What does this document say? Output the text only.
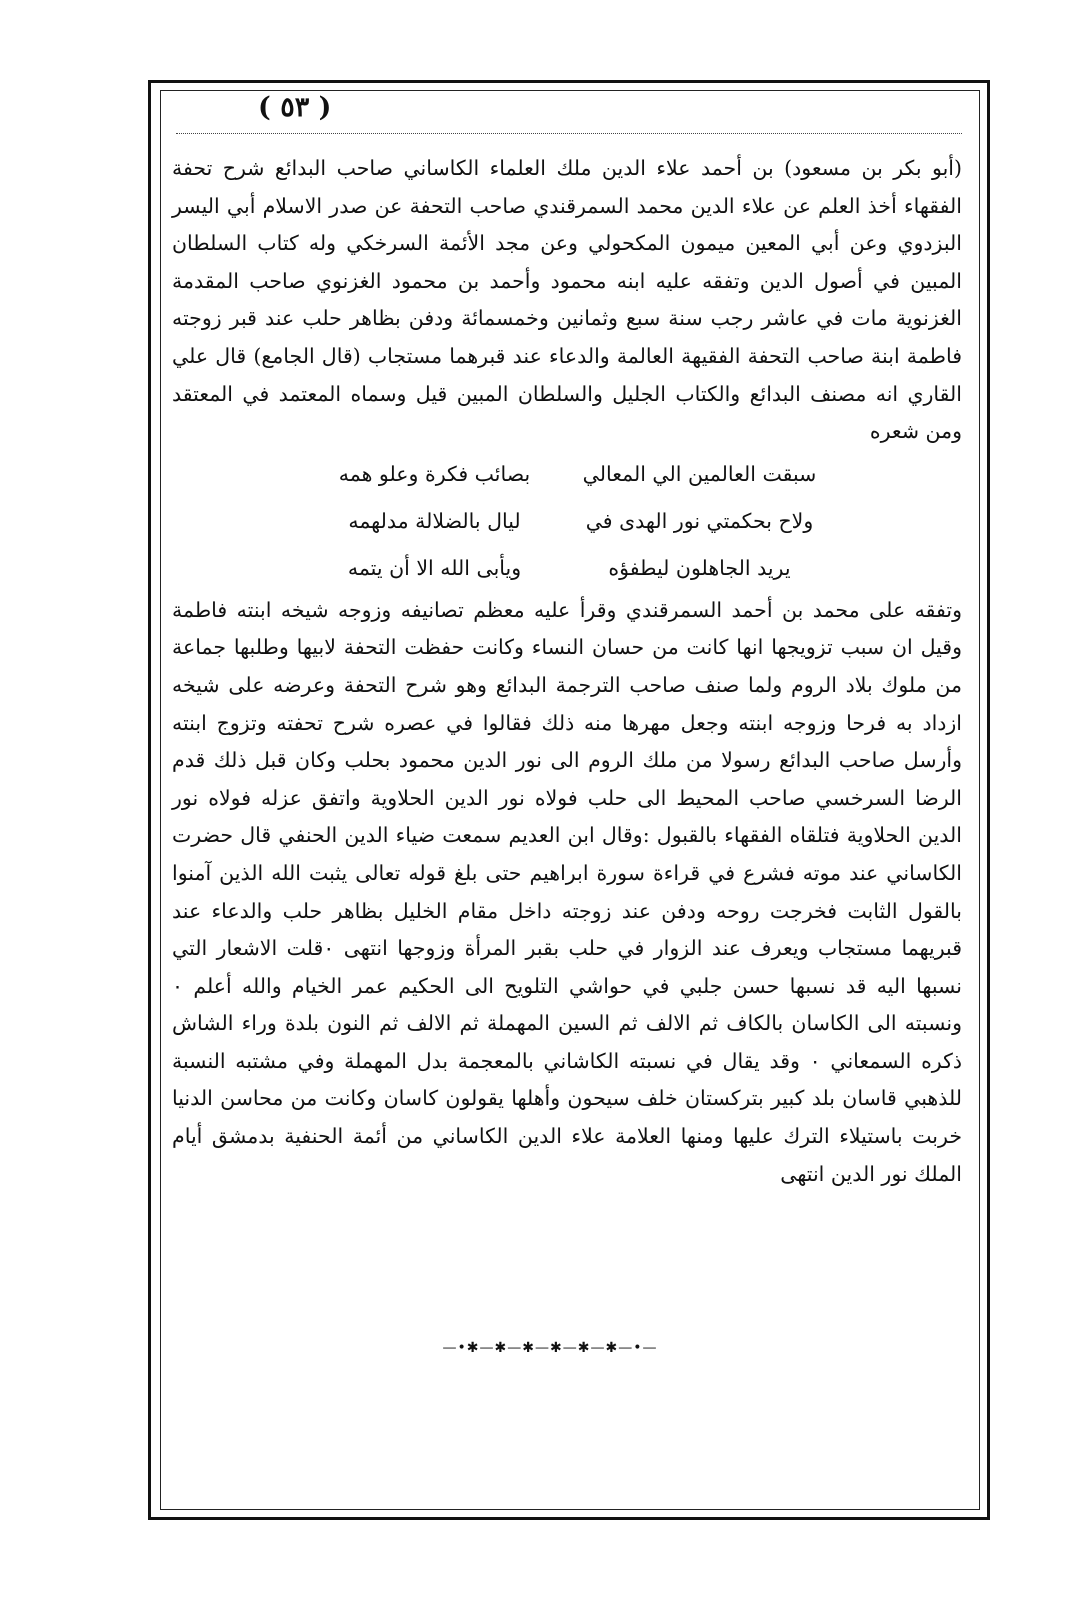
( ٥٣ )

(أبو بكر بن مسعود) بن أحمد علاء الدين ملك العلماء الكاساني صاحب البدائع شرح تحفة الفقهاء أخذ العلم عن علاء الدين محمد السمرقندي صاحب التحفة عن صدر الاسلام أبي اليسر البزدوي وعن أبي المعين ميمون المكحولي وعن مجد الأئمة السرخكي وله كتاب السلطان المبين في أصول الدين وتفقه عليه ابنه محمود وأحمد بن محمود الغزنوي صاحب المقدمة الغزنوية مات في عاشر رجب سنة سبع وثمانين وخمسمائة ودفن بظاهر حلب عند قبر زوجته فاطمة ابنة صاحب التحفة الفقيهة العالمة والدعاء عند قبرهما مستجاب (قال الجامع) قال علي القاري انه مصنف البدائع والكتاب الجليل والسلطان المبين قيل وسماه المعتمد في المعتقد ومن شعره

سبقت العالمين الي المعالي
بصائب فكرة وعلو همه
ولاح بحكمتي نور الهدى في
ليال بالضلالة مدلهمه
يريد الجاهلون ليطفؤه
ويأبى الله الا أن يتمه

وتفقه على محمد بن أحمد السمرقندي وقرأ عليه معظم تصانيفه وزوجه شيخه ابنته فاطمة وقيل ان سبب تزويجها انها كانت من حسان النساء وكانت حفظت التحفة لابيها وطلبها جماعة من ملوك بلاد الروم ولما صنف صاحب الترجمة البدائع وهو شرح التحفة وعرضه على شيخه ازداد به فرحا وزوجه ابنته وجعل مهرها منه ذلك فقالوا في عصره شرح تحفته وتزوج ابنته وأرسل صاحب البدائع رسولا من ملك الروم الى نور الدين محمود بحلب وكان قبل ذلك قدم الرضا السرخسي صاحب المحيط الى حلب فولاه نور الدين الحلاوية واتفق عزله فولاه نور الدين الحلاوية فتلقاه الفقهاء بالقبول :وقال ابن العديم سمعت ضياء الدين الحنفي قال حضرت الكاساني عند موته فشرع في قراءة سورة ابراهيم حتى بلغ قوله تعالى يثبت الله الذين آمنوا بالقول الثابت فخرجت روحه ودفن عند زوجته داخل مقام الخليل بظاهر حلب والدعاء عند قبريهما مستجاب ويعرف عند الزوار في حلب بقبر المرأة وزوجها انتهى ٠قلت الاشعار التي نسبها اليه قد نسبها حسن جلبي في حواشي التلويح الى الحكيم عمر الخيام والله أعلم ٠ ونسبته الى الكاسان بالكاف ثم الالف ثم السين المهملة ثم الالف ثم النون بلدة وراء الشاش ذكره السمعاني ٠ وقد يقال في نسبته الكاشاني بالمعجمة بدل المهملة وفي مشتبه النسبة للذهبي قاسان بلد كبير بتركستان خلف سيحون وأهلها يقولون كاسان وكانت من محاسن الدنيا خربت باستيلاء الترك عليها ومنها العلامة علاء الدين الكاساني من أئمة الحنفية بدمشق أيام الملك نور الدين انتهى

—•✱—✱—✱—✱—✱—✱—•—
